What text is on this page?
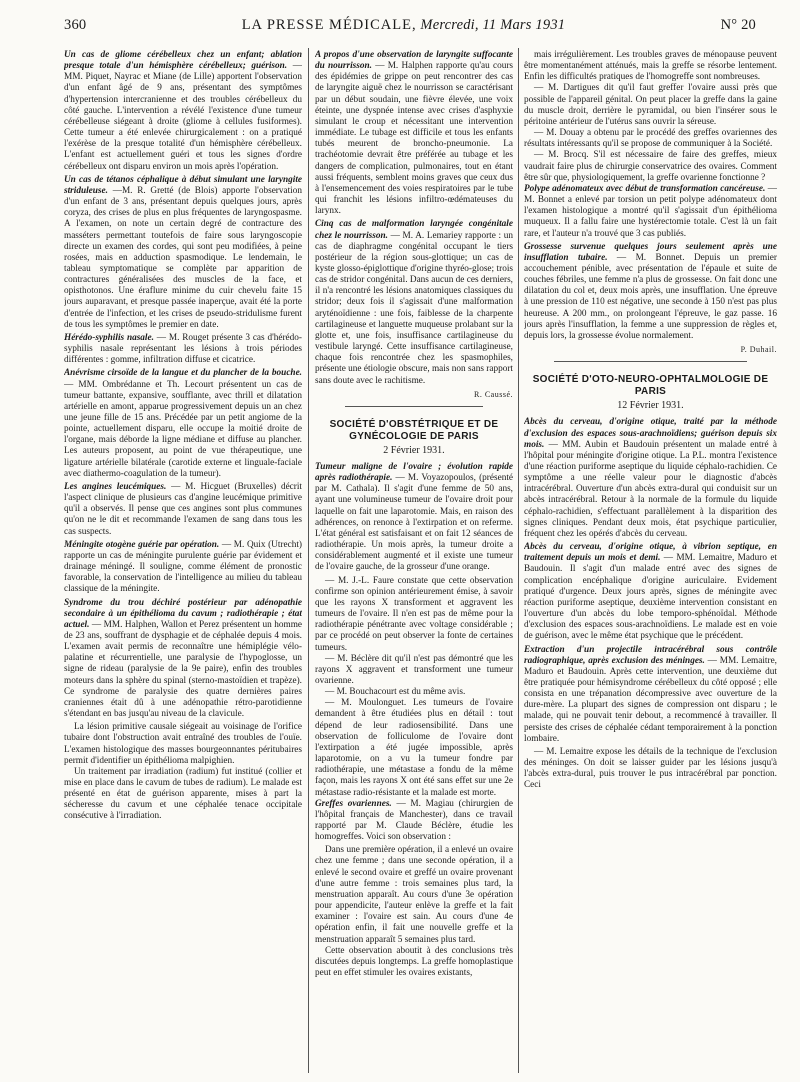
360	LA PRESSE MÉDICALE, Mercredi, 11 Mars 1931	N° 20

Un cas de gliome cérébelleux chez un enfant; ablation presque totale d'un hémisphère cérébelleux; guérison. — MM. Piquet, Nayrac et Miane (de Lille) apportent l'observation d'un enfant âgé de 9 ans, présentant des symptômes d'hypertension intercranienne et des troubles cérébelleux du côté gauche. L'intervention a révélé l'existence d'une tumeur cérébelleuse siégeant à droite (gliome à cellules fusiformes). Cette tumeur a été enlevée chirurgicalement : on a pratiqué l'exérèse de la presque totalité d'un hémisphère cérébelleux. L'enfant est actuellement guéri et tous les signes d'ordre cérébelleux ont disparu environ un mois après l'opération.

Un cas de tétanos céphalique à début simulant une laryngite striduleuse. —M. R. Gretté (de Blois) apporte l'observation d'un enfant de 3 ans, présentant depuis quelques jours, après coryza, des crises de plus en plus fréquentes de laryngospasme. A l'examen, on note un certain degré de contracture des masséters permettant toutefois de faire sous laryngoscopie directe un examen des cordes, qui sont peu modifiées, à peine rosées, mais en adduction spasmodique. Le lendemain, le tableau symptomatique se complète par apparition de contractures généralisées des muscles de la face, et opisthotonos. Une éraflure minime du cuir chevelu faite 15 jours auparavant, et presque passée inaperçue, avait été la porte d'entrée de l'infection, et les crises de pseudo-stridulisme furent de tous les symptômes le premier en date.

Hérédo-syphilis nasale. — M. Rouget présente 3 cas d'hérédo-syphilis nasale représentant les lésions à trois périodes différentes : gomme, infiltration diffuse et cicatrice.

Anévrisme cirsoïde de la langue et du plancher de la bouche. — MM. Ombrédanne et Th. Lecourt présentent un cas de tumeur battante, expansive, soufflante, avec thrill et dilatation artérielle en amont, apparue progressivement depuis un an chez une jeune fille de 15 ans. Précédée par un petit angiome de la pointe, actuellement disparu, elle occupe la moitié droite de l'organe, mais déborde la ligne médiane et diffuse au plancher. Les auteurs proposent, au point de vue thérapeutique, une ligature artérielle bilatérale (carotide externe et linguale-faciale avec diathermo-coagulation de la tumeur).

Les angines leucémiques. — M. Hicguet (Bruxelles) décrit l'aspect clinique de plusieurs cas d'angine leucémique primitive qu'il a observés. Il pense que ces angines sont plus communes qu'on ne le dit et recommande l'examen de sang dans tous les cas suspects.

Méningite otogène guérie par opération. — M. Quix (Utrecht) rapporte un cas de méningite purulente guérie par évidement et drainage méningé. Il souligne, comme élément de pronostic favorable, la conservation de l'intelligence au milieu du tableau classique de la méningite.

Syndrome du trou déchiré postérieur par adénopathie secondaire à un épithélioma du cavum ; radiothérapie ; état actuel. — MM. Halphen, Wallon et Perez présentent un homme de 23 ans, souffrant de dysphagie et de céphalée depuis 4 mois. L'examen avait permis de reconnaître une hémiplégie vélo-palatine et récurrentielle, une paralysie de l'hypoglosse, un signe de rideau (paralysie de la 9e paire), enfin des troubles moteurs dans la sphère du spinal (sterno-mastoïdien et trapèze). Ce syndrome de paralysie des quatre dernières paires craniennes était dû à une adénopathie rétro-parotidienne s'étendant en bas jusqu'au niveau de la clavicule.

La lésion primitive causale siégeait au voisinage de l'orifice tubaire dont l'obstruction avait entraîné des troubles de l'ouïe. L'examen histologique des masses bourgeonnantes péritubaires permit d'identifier un épithélioma malpighien.

Un traitement par irradiation (radium) fut institué (collier et mise en place dans le cavum de tubes de radium). Le malade est présenté en état de guérison apparente, mises à part la sécheresse du cavum et une céphalée tenace occipitale consécutive à l'irradiation.

A propos d'une observation de laryngite suffocante du nourrisson. — M. Halphen rapporte qu'au cours des épidémies de grippe on peut rencontrer des cas de laryngite aiguë chez le nourrisson se caractérisant par un début soudain, une fièvre élevée, une voix éteinte, une dyspnée intense avec crises d'asphyxie simulant le croup et nécessitant une intervention immédiate. Le tubage est difficile et tous les enfants tubés meurent de broncho-pneumonie. La trachéotomie devrait être préférée au tubage et les dangers de complication, pulmonaires, tout en étant aussi fréquents, semblent moins graves que ceux dus à l'ensemencement des voies respiratoires par le tube qui franchit les lésions infiltro-œdémateuses du larynx.

Cinq cas de malformation laryngée congénitale chez le nourrisson. — M. A. Lemariey rapporte : un cas de diaphragme congénital occupant le tiers postérieur de la région sous-glottique; un cas de kyste glosso-épiglottique d'origine thyréo-glose; trois cas de stridor congénital. Dans aucun de ces derniers, il n'a rencontré les lésions anatomiques classiques du stridor; deux fois il s'agissait d'une malformation aryténoïdienne : une fois, faiblesse de la charpente cartilagineuse et languette muqueuse prolabant sur la glotte et, une fois, insuffisance cartilagineuse du vestibule laryngé. Cette insuffisance cartilagineuse, chaque fois rencontrée chez les spasmophiles, présente une étiologie obscure, mais non sans rapport sans doute avec le rachitisme.

R. Caussé.
SOCIÉTÉ D'OBSTÉTRIQUE ET DE GYNÉCOLOGIE DE PARIS
2 Février 1931.

Tumeur maligne de l'ovaire ; évolution rapide après radiothérapie. — M. Voyazopoulos, (présenté par M. Cathala). Il s'agit d'une femme de 50 ans, ayant une volumineuse tumeur de l'ovaire droit pour laquelle on fait une laparotomie. Mais, en raison des adhérences, on renonce à l'extirpation et on referme. L'état général est satisfaisant et on fait 12 séances de radiothérapie. Un mois après, la tumeur droite a considérablement augmenté et il existe une tumeur de l'ovaire gauche, de la grosseur d'une orange.

— M. J.-L. Faure constate que cette observation confirme son opinion antérieurement émise, à savoir que les rayons X transforment et aggravent les tumeurs de l'ovaire. Il n'en est pas de même pour la radiothérapie pénétrante avec voltage considérable ; par ce procédé on peut observer la fonte de certaines tumeurs.

— M. Béclère dit qu'il n'est pas démontré que les rayons X aggravent et transforment une tumeur ovarienne.

— M. Bouchacourt est du même avis.

— M. Moulonguet. Les tumeurs de l'ovaire demandent à être étudiées plus en détail : tout dépend de leur radiosensibilité. Dans une observation de folliculome de l'ovaire dont l'extirpation a été jugée impossible, après laparotomie, on a vu la tumeur fondre par radiothérapie, une métastase a fondu de la même façon, mais les rayons X ont été sans effet sur une 2e métastase radio-résistante et la malade est morte.

Greffes ovariennes. — M. Magiau (chirurgien de l'hôpital français de Manchester), dans ce travail rapporté par M. Claude Béclère, étudie les homogreffes. Voici son observation :

Dans une première opération, il a enlevé un ovaire chez une femme ; dans une seconde opération, il a enlevé le second ovaire et greffé un ovaire provenant d'une autre femme : trois semaines plus tard, la menstruation apparaît. Au cours d'une 3e opération pour appendicite, l'auteur enlève la greffe et la fait examiner : l'ovaire est sain. Au cours d'une 4e opération enfin, il fait une nouvelle greffe et la menstruation apparaît 5 semaines plus tard.

Cette observation aboutit à des conclusions très discutées depuis longtemps. La greffe homoplastique peut en effet stimuler les ovaires existants,

mais irrégulièrement. Les troubles graves de ménopause peuvent être momentanément atténués, mais la greffe se résorbe lentement. Enfin les difficultés pratiques de l'homogreffe sont nombreuses.

— M. Dartigues dit qu'il faut greffer l'ovaire aussi près que possible de l'appareil génital. On peut placer la greffe dans la gaine du muscle droit, derrière le pyramidal, ou bien l'insérer sous le péritoine antérieur de l'utérus sans ouvrir la séreuse.

— M. Douay a obtenu par le procédé des greffes ovariennes des résultats intéressants qu'il se propose de communiquer à la Société.

— M. Brocq. S'il est nécessaire de faire des greffes, mieux vaudrait faire plus de chirurgie conservatrice des ovaires. Comment être sûr que, physiologiquement, la greffe ovarienne fonctionne ?

Polype adénomateux avec début de transformation cancéreuse. — M. Bonnet a enlevé par torsion un petit polype adénomateux dont l'examen histologique a montré qu'il s'agissait d'un épithélioma muqueux. Il a fallu faire une hystérectomie totale. C'est là un fait rare, et l'auteur n'a trouvé que 3 cas publiés.

Grossesse survenue quelques jours seulement après une insufflation tubaire. — M. Bonnet. Depuis un premier accouchement pénible, avec présentation de l'épaule et suite de couches fébriles, une femme n'a plus de grossesse. On fait donc une dilatation du col et, deux mois après, une insufflation. Une épreuve à une pression de 110 est négative, une seconde à 150 n'est pas plus heureuse. A 200 mm., on prolongeant l'épreuve, le gaz passe. 16 jours après l'insufflation, la femme a une suppression de règles et, depuis lors, la grossesse évolue normalement.

P. Duhail.
SOCIÉTÉ D'OTO-NEURO-OPHTALMOLOGIE DE PARIS
12 Février 1931.

Abcès du cerveau, d'origine otique, traité par la méthode d'exclusion des espaces sous-arachnoïdiens; guérison depuis six mois. — MM. Aubin et Baudouin présentent un malade entré à l'hôpital pour méningite d'origine otique. La P.L. montra l'existence d'une réaction puriforme aseptique du liquide céphalo-rachidien. Ce symptôme a une réelle valeur pour le diagnostic d'abcès intracérébral. Ouverture d'un abcès extra-dural qui conduisit sur un abcès intracérébral. Retour à la normale de la formule du liquide céphalo-rachidien, s'effectuant parallèlement à la disparition des signes cliniques. Pendant deux mois, état psychique particulier, fréquent chez les opérés d'abcès du cerveau.

Abcès du cerveau, d'origine otique, à vibrion septique, en traitement depuis un mois et demi. — MM. Lemaitre, Maduro et Baudouin. Il s'agit d'un malade entré avec des signes de complication encéphalique d'origine auriculaire. Evidement pratiqué d'urgence. Deux jours après, signes de méningite avec réaction puriforme aseptique, deuxième intervention consistant en l'ouverture d'un abcès du lobe temporo-sphénoïdal. Méthode d'exclusion des espaces sous-arachnoïdiens. Le malade est en voie de guérison, avec le même état psychique que le précédent.

Extraction d'un projectile intracérébral sous contrôle radiographique, après exclusion des méninges. — MM. Lemaitre, Maduro et Baudouin. Après cette intervention, une deuxième dut être pratiquée pour hémisyndrome cérébelleux du côté opposé ; elle consista en une trépanation décompressive avec ouverture de la dure-mère. La plupart des signes de compression ont disparu ; le malade, qui ne pouvait tenir debout, a recommencé à travailler. Il persiste des crises de céphalée cédant temporairement à la ponction lombaire.

— M. Lemaitre expose les détails de la technique de l'exclusion des méninges. On doit se laisser guider par les lésions jusqu'à l'abcès extra-dural, puis trouver le pus intracérébral par ponction. Ceci
